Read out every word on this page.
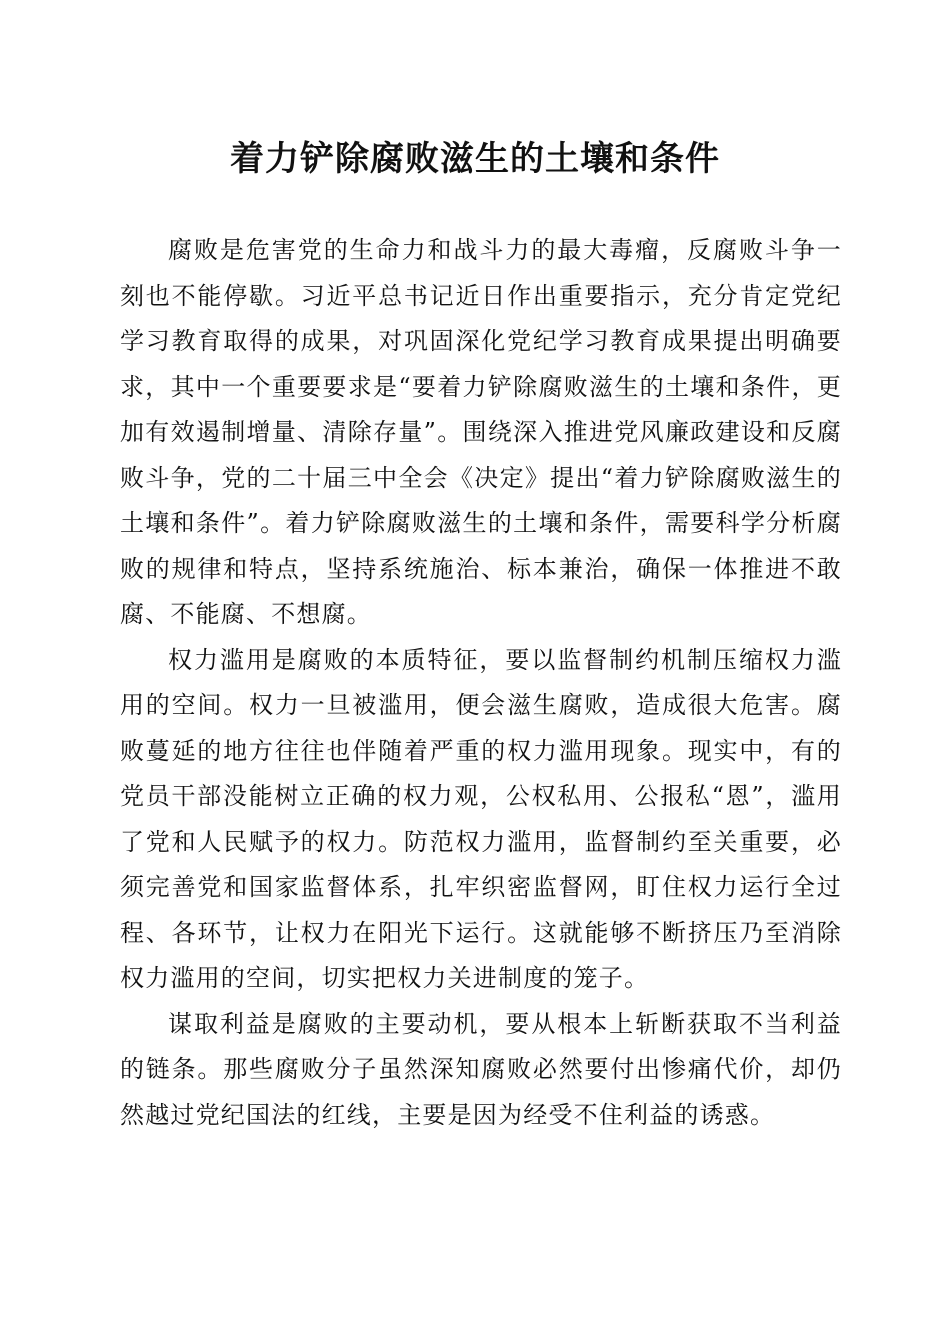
着力铲除腐败滋生的土壤和条件

腐败是危害党的生命力和战斗力的最大毒瘤，反腐败斗争一刻也不能停歇。习近平总书记近日作出重要指示，充分肯定党纪学习教育取得的成果，对巩固深化党纪学习教育成果提出明确要求，其中一个重要要求是“要着力铲除腐败滋生的土壤和条件，更加有效遏制增量、清除存量”。围绕深入推进党风廉政建设和反腐败斗争，党的二十届三中全会《决定》提出“着力铲除腐败滋生的土壤和条件”。着力铲除腐败滋生的土壤和条件，需要科学分析腐败的规律和特点，坚持系统施治、标本兼治，确保一体推进不敢腐、不能腐、不想腐。

权力滥用是腐败的本质特征，要以监督制约机制压缩权力滥用的空间。权力一旦被滥用，便会滋生腐败，造成很大危害。腐败蔓延的地方往往也伴随着严重的权力滥用现象。现实中，有的党员干部没能树立正确的权力观，公权私用、公报私“恩”，滥用了党和人民赋予的权力。防范权力滥用，监督制约至关重要，必须完善党和国家监督体系，扎牢织密监督网，盯住权力运行全过程、各环节，让权力在阳光下运行。这就能够不断挤压乃至消除权力滥用的空间，切实把权力关进制度的笼子。

谋取利益是腐败的主要动机，要从根本上斩断获取不当利益的链条。那些腐败分子虽然深知腐败必然要付出惨痛代价，却仍然越过党纪国法的红线，主要是因为经受不住利益的诱惑。
